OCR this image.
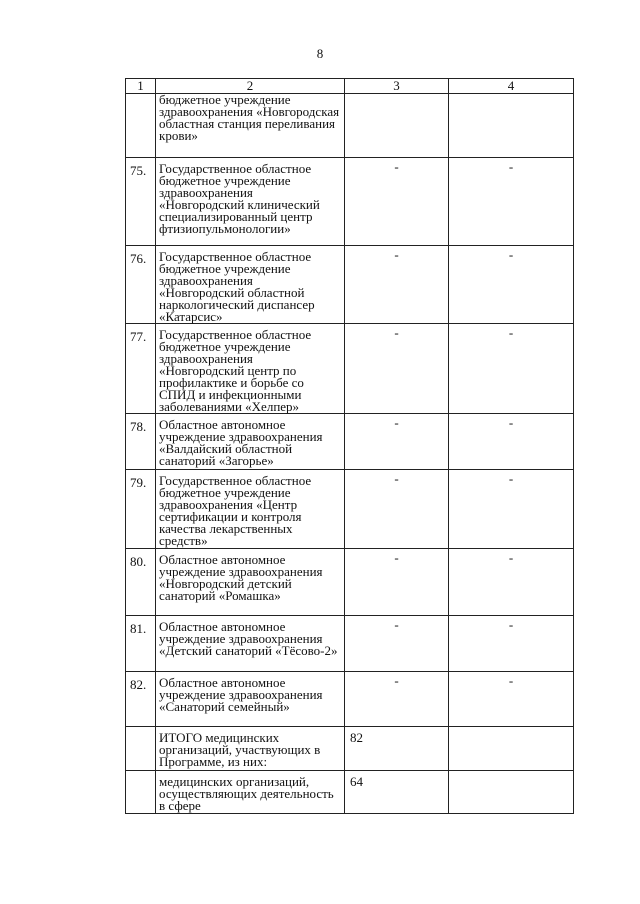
8
1	2	3	4
	бюджетное учреждение здравоохранения «Новгородская областная станция переливания крови»		
75.	Государственное областное бюджетное учреждение здравоохранения «Новгородский клинический специализированный центр фтизиопульмонологии»	-	-
76.	Государственное областное бюджетное учреждение здравоохранения «Новгородский областной наркологический диспансер «Катарсис»	-	-
77.	Государственное областное бюджетное учреждение здравоохранения «Новгородский центр по профилактике и борьбе со СПИД и инфекционными заболеваниями «Хелпер»	-	-
78.	Областное автономное учреждение здравоохранения «Валдайский областной санаторий «Загорье»	-	-
79.	Государственное областное бюджетное учреждение здравоохранения «Центр сертификации и контроля качества лекарственных средств»	-	-
80.	Областное автономное учреждение здравоохранения «Новгородский детский санаторий «Ромашка»	-	-
81.	Областное автономное учреждение здравоохранения «Детский санаторий «Тёсово-2»	-	-
82.	Областное автономное учреждение здравоохранения «Санаторий семейный»	-	-
	ИТОГО медицинских организаций, участвующих в Программе, из них:	82	
	медицинских организаций, осуществляющих деятельность в сфере	64	
